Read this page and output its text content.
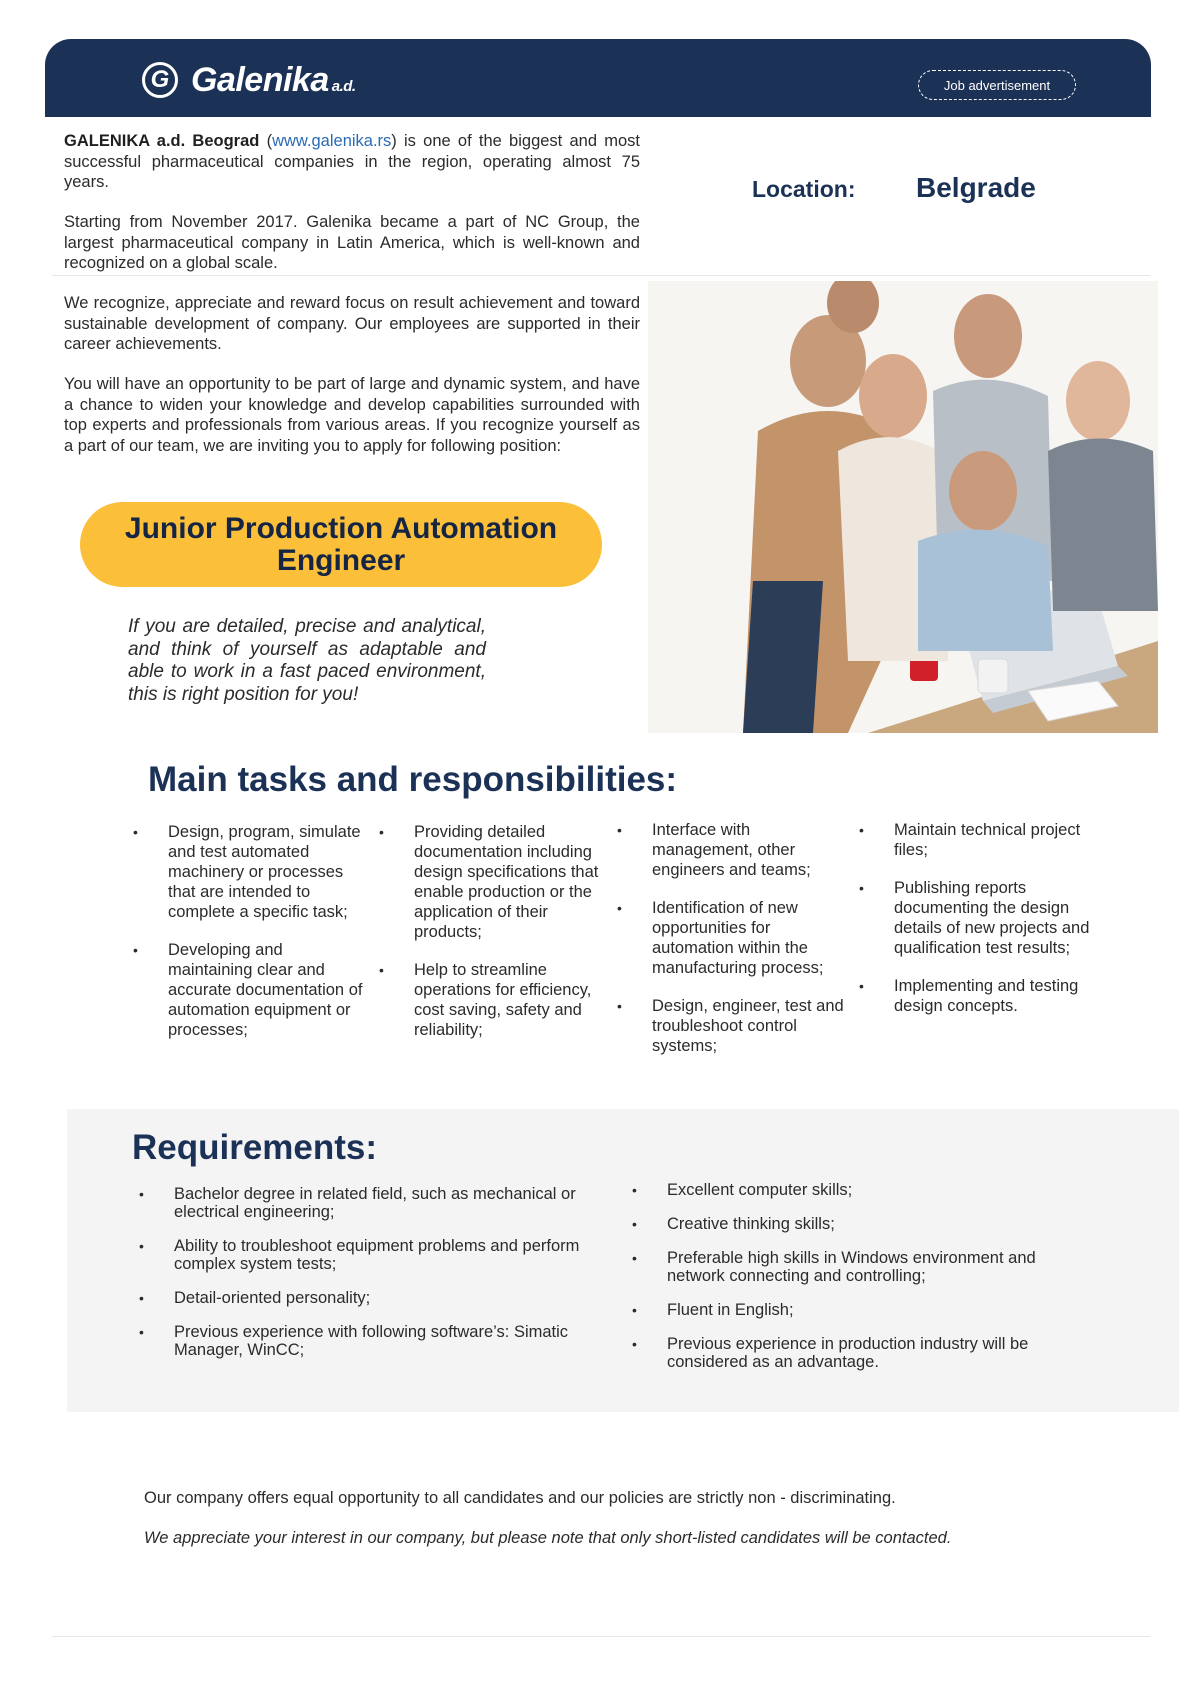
G Galenika a.d.	Job advertisement
GALENIKA a.d. Beograd (www.galenika.rs) is one of the biggest and most successful pharmaceutical companies in the region, operating almost 75 years.
Starting from November 2017. Galenika became a part of NC Group, the largest pharmaceutical company in Latin America, which is well-known and recognized on a global scale.
Location: Belgrade
We recognize, appreciate and reward focus on result achievement and toward sustainable development of company. Our employees are supported in their career achievements.
You will have an opportunity to be part of large and dynamic system, and have a chance to widen your knowledge and develop capabilities surrounded with top experts and professionals from various areas. If you recognize yourself as a part of our team, we are inviting you to apply for following position:
Junior Production Automation
Engineer
If you are detailed, precise and analytical, and think of yourself as adaptable and able to work in a fast paced environment, this is right position for you!
Main tasks and responsibilities:
• Design, program, simulate and test automated machinery or processes that are intended to complete a specific task;
• Developing and maintaining clear and accurate documentation of automation equipment or processes;
• Providing detailed documentation including design specifications that enable production or the application of their products;
• Help to streamline operations for efficiency, cost saving, safety and reliability;
• Interface with management, other engineers and teams;
• Identification of new opportunities for automation within the manufacturing process;
• Design, engineer, test and troubleshoot control systems;
• Maintain technical project files;
• Publishing reports documenting the design details of new projects and qualification test results;
• Implementing and testing design concepts.
Requirements:
• Bachelor degree in related field, such as mechanical or electrical engineering;
• Ability to troubleshoot equipment problems and perform complex system tests;
• Detail-oriented personality;
• Previous experience with following software’s: Simatic Manager, WinCC;
• Excellent computer skills;
• Creative thinking skills;
• Preferable high skills in Windows environment and network connecting and controlling;
• Fluent in English;
• Previous experience in production industry will be considered as an advantage.
Our company offers equal opportunity to all candidates and our policies are strictly non - discriminating.
We appreciate your interest in our company, but please note that only short-listed candidates will be contacted.
